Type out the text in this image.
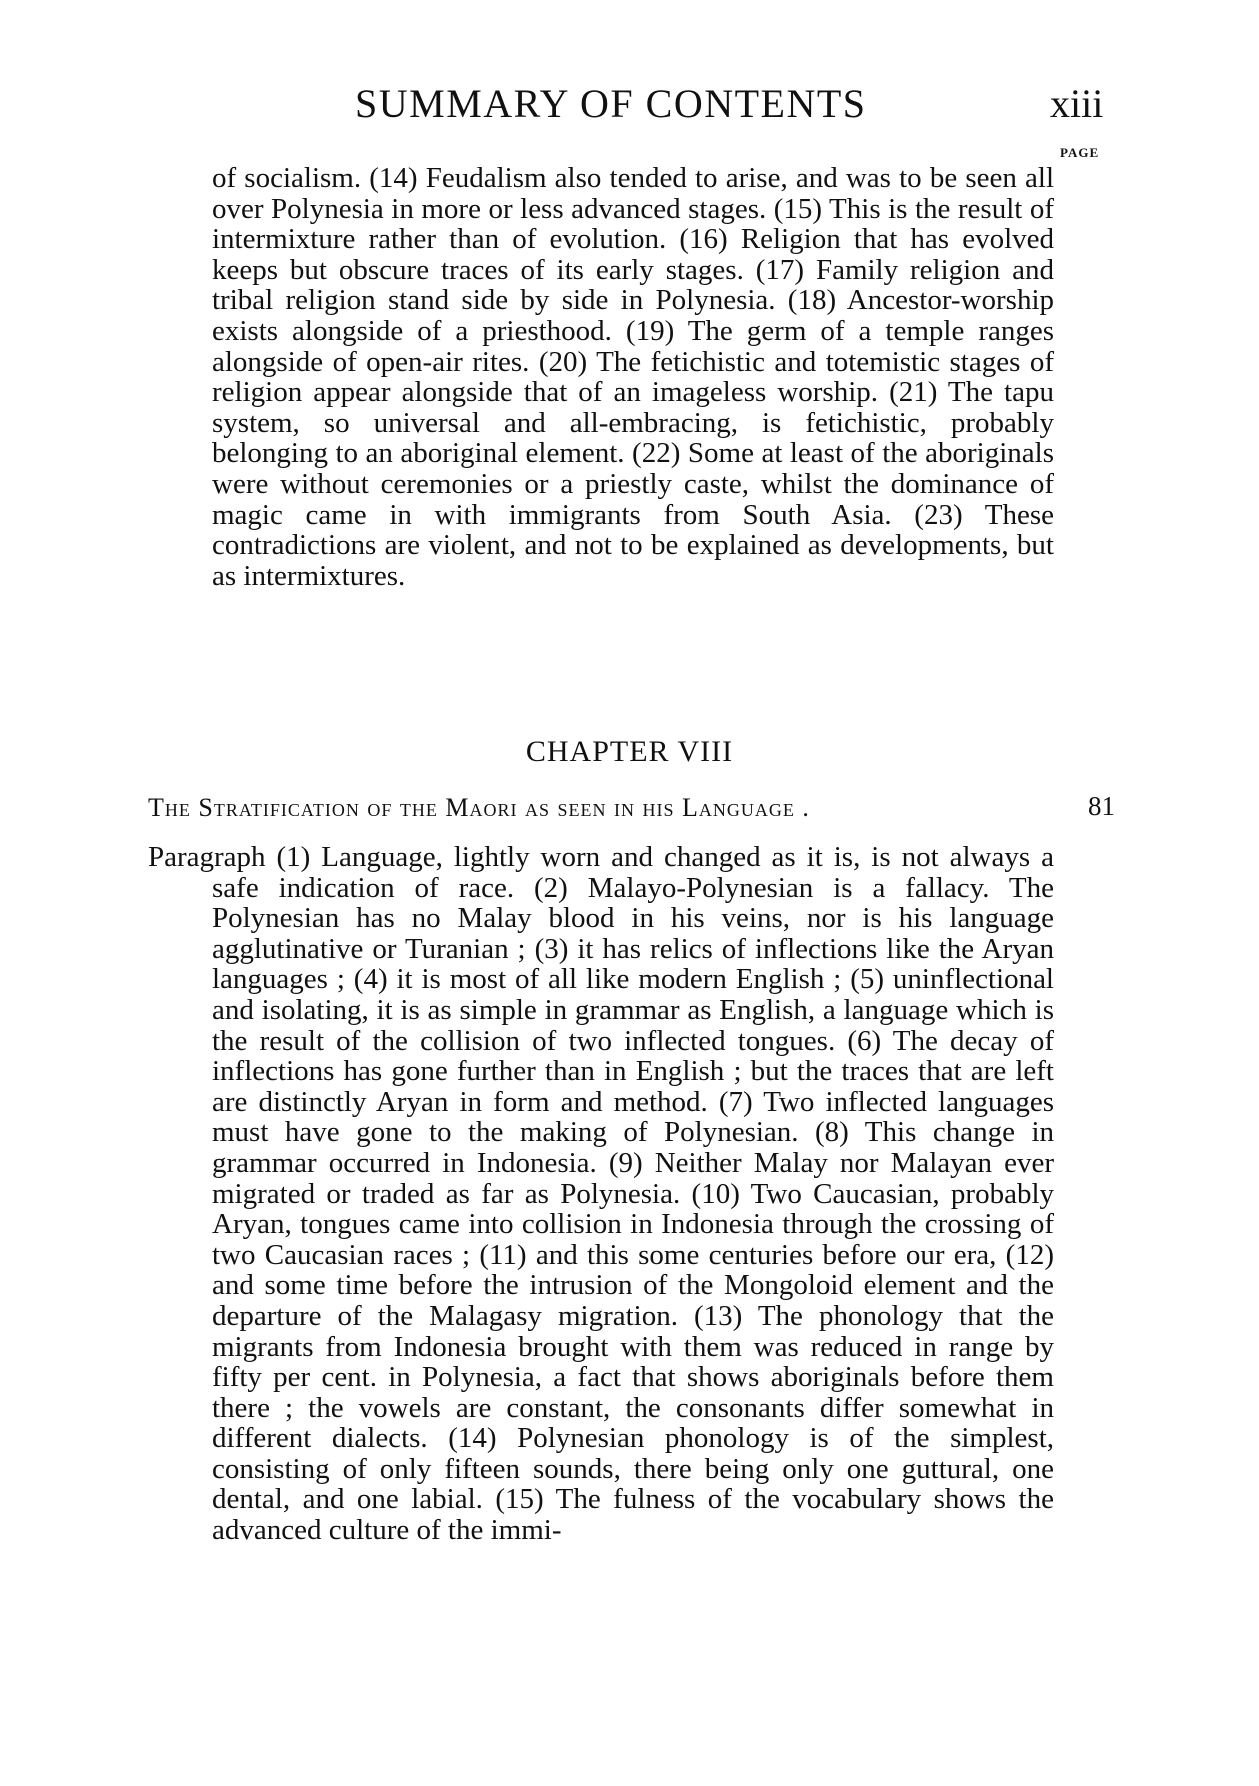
SUMMARY OF CONTENTS	xiii
PAGE

of socialism. (14) Feudalism also tended to arise, and was to be seen all over Polynesia in more or less advanced stages. (15) This is the result of intermixture rather than of evolution. (16) Religion that has evolved keeps but obscure traces of its early stages. (17) Family religion and tribal religion stand side by side in Polynesia. (18) Ancestor-worship exists alongside of a priesthood. (19) The germ of a temple ranges alongside of open-air rites. (20) The fetichistic and totemistic stages of religion appear alongside that of an imageless worship. (21) The tapu system, so universal and all-embracing, is fetichistic, probably belonging to an aboriginal element. (22) Some at least of the aboriginals were without ceremonies or a priestly caste, whilst the dominance of magic came in with immigrants from South Asia. (23) These contradictions are violent, and not to be explained as developments, but as intermixtures.

CHAPTER VIII
The Stratification of the Maori as seen in his Language .	81

Paragraph (1) Language, lightly worn and changed as it is, is not always a safe indication of race. (2) Malayo-Polynesian is a fallacy. The Polynesian has no Malay blood in his veins, nor is his language agglutinative or Turanian ; (3) it has relics of inflections like the Aryan languages ; (4) it is most of all like modern English ; (5) uninflectional and isolating, it is as simple in grammar as English, a language which is the result of the collision of two inflected tongues. (6) The decay of inflections has gone further than in English ; but the traces that are left are distinctly Aryan in form and method. (7) Two inflected languages must have gone to the making of Polynesian. (8) This change in grammar occurred in Indonesia. (9) Neither Malay nor Malayan ever migrated or traded as far as Polynesia. (10) Two Caucasian, probably Aryan, tongues came into collision in Indonesia through the crossing of two Caucasian races ; (11) and this some centuries before our era, (12) and some time before the intrusion of the Mongoloid element and the departure of the Malagasy migration. (13) The phonology that the migrants from Indonesia brought with them was reduced in range by fifty per cent. in Polynesia, a fact that shows aboriginals before them there ; the vowels are constant, the consonants differ somewhat in different dialects. (14) Polynesian phonology is of the simplest, consisting of only fifteen sounds, there being only one guttural, one dental, and one labial. (15) The fulness of the vocabulary shows the advanced culture of the immi-
